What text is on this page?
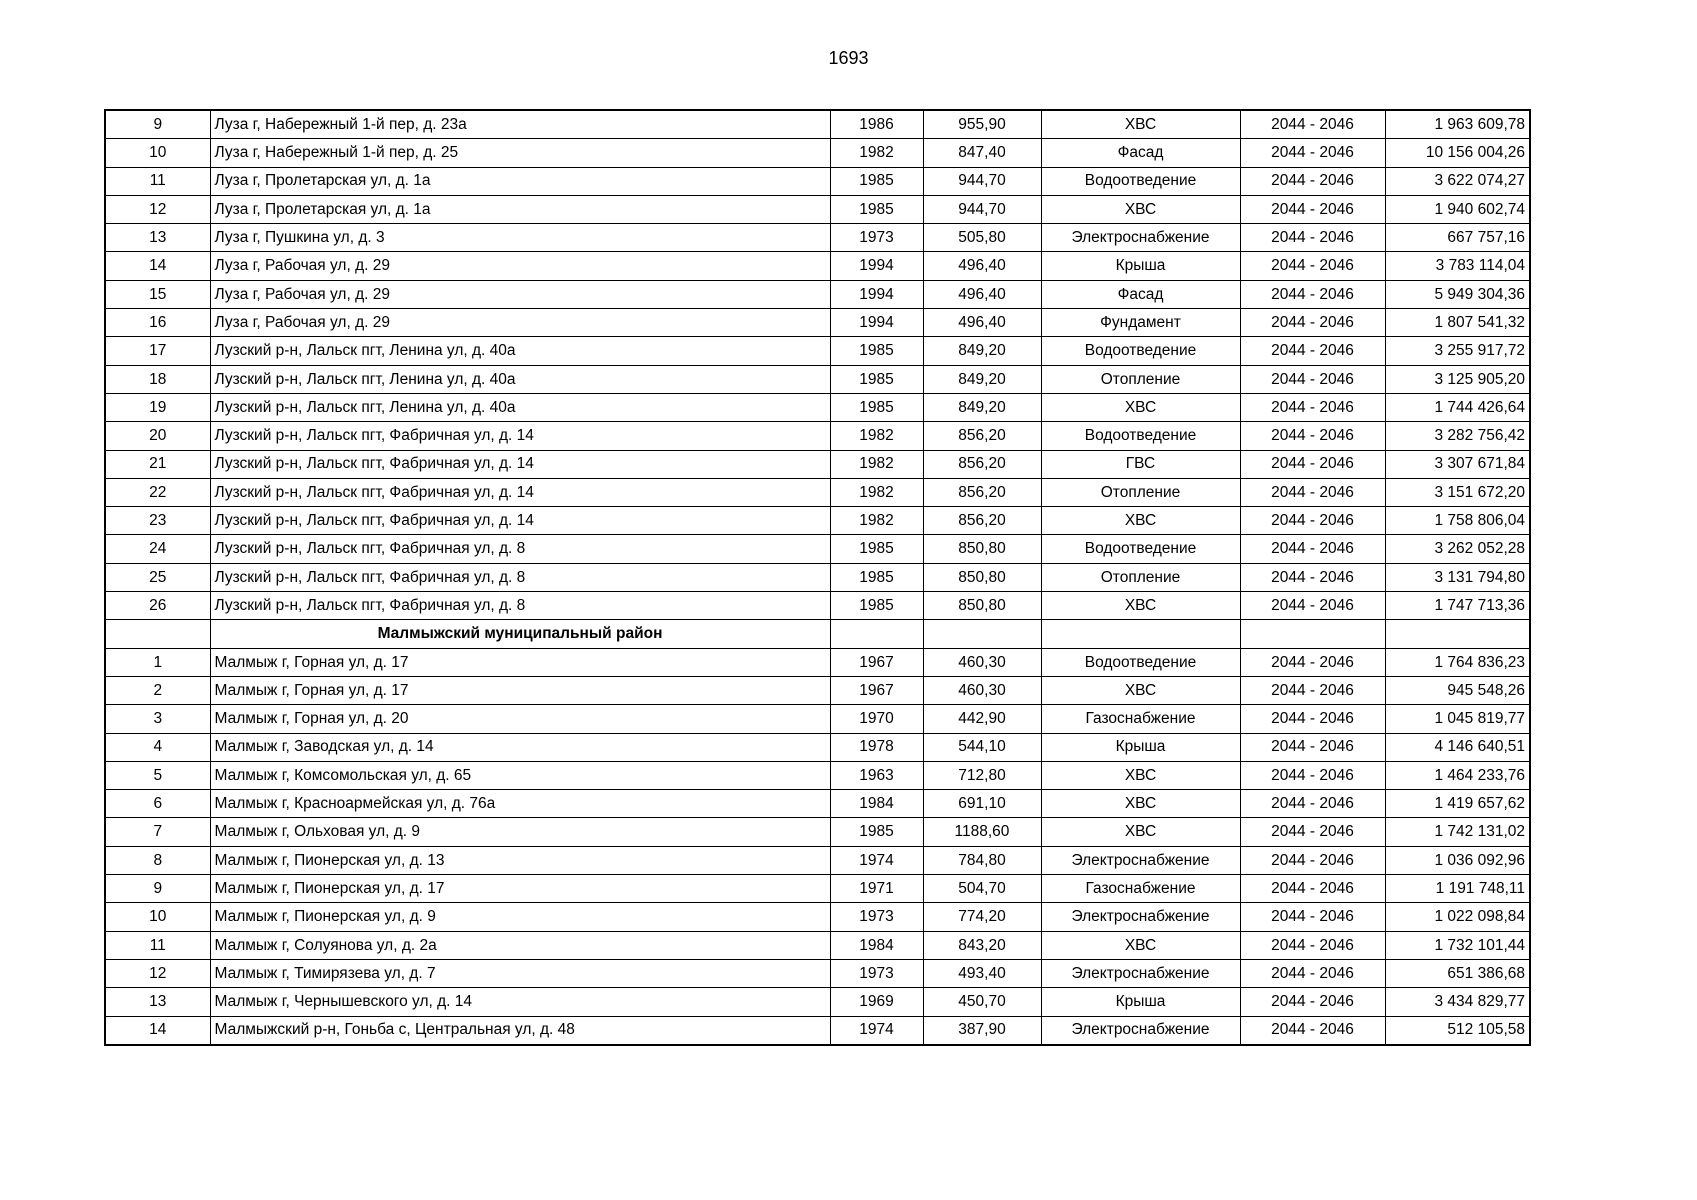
1693
9	Луза г, Набережный 1-й пер, д. 23а	1986	955,90	ХВС	2044 - 2046	1 963 609,78
10	Луза г, Набережный 1-й пер, д. 25	1982	847,40	Фасад	2044 - 2046	10 156 004,26
11	Луза г, Пролетарская ул, д. 1а	1985	944,70	Водоотведение	2044 - 2046	3 622 074,27
12	Луза г, Пролетарская ул, д. 1а	1985	944,70	ХВС	2044 - 2046	1 940 602,74
13	Луза г, Пушкина ул, д. 3	1973	505,80	Электроснабжение	2044 - 2046	667 757,16
14	Луза г, Рабочая ул, д. 29	1994	496,40	Крыша	2044 - 2046	3 783 114,04
15	Луза г, Рабочая ул, д. 29	1994	496,40	Фасад	2044 - 2046	5 949 304,36
16	Луза г, Рабочая ул, д. 29	1994	496,40	Фундамент	2044 - 2046	1 807 541,32
17	Лузский р-н, Лальск пгт, Ленина ул, д. 40а	1985	849,20	Водоотведение	2044 - 2046	3 255 917,72
18	Лузский р-н, Лальск пгт, Ленина ул, д. 40а	1985	849,20	Отопление	2044 - 2046	3 125 905,20
19	Лузский р-н, Лальск пгт, Ленина ул, д. 40а	1985	849,20	ХВС	2044 - 2046	1 744 426,64
20	Лузский р-н, Лальск пгт, Фабричная ул, д. 14	1982	856,20	Водоотведение	2044 - 2046	3 282 756,42
21	Лузский р-н, Лальск пгт, Фабричная ул, д. 14	1982	856,20	ГВС	2044 - 2046	3 307 671,84
22	Лузский р-н, Лальск пгт, Фабричная ул, д. 14	1982	856,20	Отопление	2044 - 2046	3 151 672,20
23	Лузский р-н, Лальск пгт, Фабричная ул, д. 14	1982	856,20	ХВС	2044 - 2046	1 758 806,04
24	Лузский р-н, Лальск пгт, Фабричная ул, д. 8	1985	850,80	Водоотведение	2044 - 2046	3 262 052,28
25	Лузский р-н, Лальск пгт, Фабричная ул, д. 8	1985	850,80	Отопление	2044 - 2046	3 131 794,80
26	Лузский р-н, Лальск пгт, Фабричная ул, д. 8	1985	850,80	ХВС	2044 - 2046	1 747 713,36
	Малмыжский муниципальный район					
1	Малмыж г, Горная ул, д. 17	1967	460,30	Водоотведение	2044 - 2046	1 764 836,23
2	Малмыж г, Горная ул, д. 17	1967	460,30	ХВС	2044 - 2046	945 548,26
3	Малмыж г, Горная ул, д. 20	1970	442,90	Газоснабжение	2044 - 2046	1 045 819,77
4	Малмыж г, Заводская ул, д. 14	1978	544,10	Крыша	2044 - 2046	4 146 640,51
5	Малмыж г, Комсомольская ул, д. 65	1963	712,80	ХВС	2044 - 2046	1 464 233,76
6	Малмыж г, Красноармейская ул, д. 76а	1984	691,10	ХВС	2044 - 2046	1 419 657,62
7	Малмыж г, Ольховая ул, д. 9	1985	1188,60	ХВС	2044 - 2046	1 742 131,02
8	Малмыж г, Пионерская ул, д. 13	1974	784,80	Электроснабжение	2044 - 2046	1 036 092,96
9	Малмыж г, Пионерская ул, д. 17	1971	504,70	Газоснабжение	2044 - 2046	1 191 748,11
10	Малмыж г, Пионерская ул, д. 9	1973	774,20	Электроснабжение	2044 - 2046	1 022 098,84
11	Малмыж г, Солуянова ул, д. 2а	1984	843,20	ХВС	2044 - 2046	1 732 101,44
12	Малмыж г, Тимирязева ул, д. 7	1973	493,40	Электроснабжение	2044 - 2046	651 386,68
13	Малмыж г, Чернышевского ул, д. 14	1969	450,70	Крыша	2044 - 2046	3 434 829,77
14	Малмыжский р-н, Гоньба с, Центральная ул, д. 48	1974	387,90	Электроснабжение	2044 - 2046	512 105,58
